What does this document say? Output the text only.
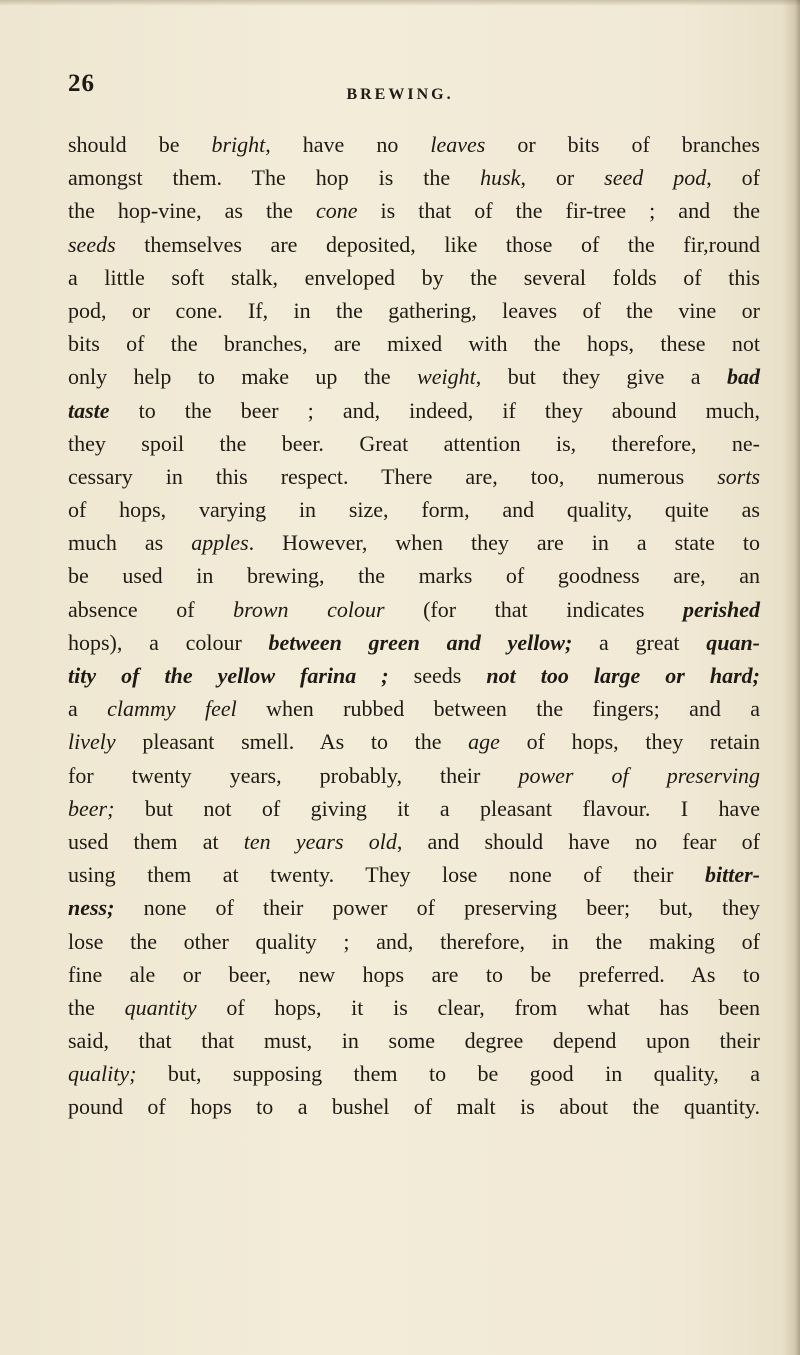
26	BREWING.
should be bright, have no leaves or bits of branches
amongst them. The hop is the husk, or seed pod, of
the hop-vine, as the cone is that of the fir-tree ; and the
seeds themselves are deposited, like those of the fir,round
a little soft stalk, enveloped by the several folds of this
pod, or cone. If, in the gathering, leaves of the vine or
bits of the branches, are mixed with the hops, these not
only help to make up the weight, but they give a bad
taste to the beer ; and, indeed, if they abound much,
they spoil the beer. Great attention is, therefore, ne-
cessary in this respect. There are, too, numerous sorts
of hops, varying in size, form, and quality, quite as
much as apples. However, when they are in a state to
be used in brewing, the marks of goodness are, an
absence of brown colour (for that indicates perished
hops), a colour between green and yellow; a great quan-
tity of the yellow farina ; seeds not too large or hard;
a clammy feel when rubbed between the fingers; and a
lively pleasant smell. As to the age of hops, they retain
for twenty years, probably, their power of preserving
beer; but not of giving it a pleasant flavour. I have
used them at ten years old, and should have no fear of
using them at twenty. They lose none of their bitter-
ness; none of their power of preserving beer; but, they
lose the other quality ; and, therefore, in the making of
fine ale or beer, new hops are to be preferred. As to
the quantity of hops, it is clear, from what has been
said, that that must, in some degree depend upon their
quality; but, supposing them to be good in quality, a
pound of hops to a bushel of malt is about the quantity.
